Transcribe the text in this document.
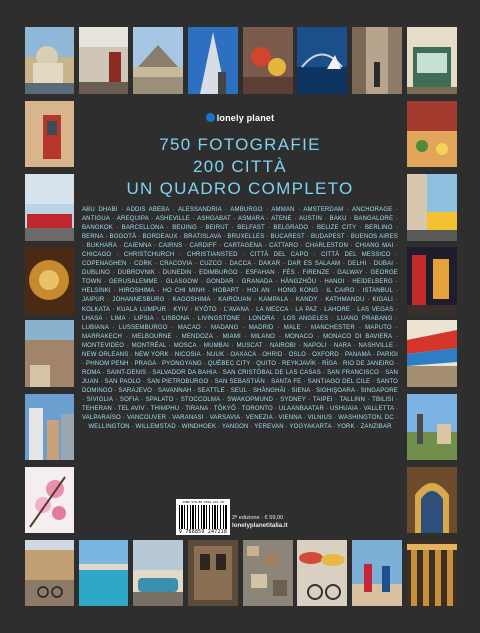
lonely planet
750 FOTOGRAFIE
200 CITTÀ
UN QUADRO COMPLETO
ABU DHABI · ADDIS ABEBA · ALESSANDRIA · AMBURGO · AMMAN · AMSTERDAM · ANCHORAGE · ANTIGUA · AREQUIPA · ASHEVILLE · ASHGABAT · ASMARA · ATENE · AUSTIN · BAKU · BANGALORE · BANGKOK · BARCELLONA · BEIJING · BEIRUT · BELFAST · BELGRADO · BELIZE CITY · BERLINO · BERNA · BOGOTÀ · BORDEAUX · BRATISLAVA · BRUXELLES · BUCAREST · BUDAPEST · BUENOS AIRES · BUKHARA · CAIENNA · CAIRNS · CARDIFF · CARTAGENA · CATTARO · CHARLESTON · CHIANG MAI · CHICAGO · CHRISTCHURCH · CHRISTIANSTED · CITTÀ DEL CAPO · CITTÀ DEL MESSICO · COPENAGHEN · CORK · CRACOVIA · CUZCO · DACCA · DAKAR · DAR ES SALAAM · DELHI · DUBAI · DUBLINO · DUBROVNIK · DUNEDIN · EDIMBURGO · ESFAHAN · FÈS · FIRENZE · GALWAY · GEORGE TOWN · GERUSALEMME · GLASGOW · GONDAR · GRANADA · HÀNGZHŌU · HANOI · HEIDELBERG · HELSINKI · HIROSHIMA · HO CHI MINH · HOBART · HOI AN · HONG KONG · IL CAIRO · ISTANBUL · JAIPUR · JOHANNESBURG · KAGOSHIMA · KAIROUAN · KAMPALA · KANDY · KATHMANDU · KIGALI · KOLKATA · KUALA LUMPUR · KYIV · KYŌTO · L'AVANA · LA MECCA · LA PAZ · LAHORE · LAS VEGAS · LHASA · LIMA · LIPSIA · LISBONA · LIVINGSTONE · LONDRA · LOS ANGELES · LUANG PRABANG · LUBIANA · LUSSEMBURGO · MACAO · MADANG · MADRID · MALE · MANCHESTER · MAPUTO · MARRAKECH · MELBOURNE · MENDOZA · MIAMI · MILANO · MONACO · MONACO DI BAVIERA · MONTEVIDEO · MONTRÉAL · MOSCA · MUMBAI · MUSCAT · NAIROBI · NAPOLI · NARA · NASHVILLE · NEW ORLEANS · NEW YORK · NICOSIA · NUUK · OAXACA · OHRID · OSLO · OXFORD · PANAMÁ · PARIGI · PHNOM PENH · PRAGA · PYONGYANG · QUÉBEC CITY · QUITO · REYKJAVÍK · RĪGA · RIO DE JANEIRO · ROMA · SAINT-DENIS · SALVADOR DA BAHIA · SAN CRISTÓBAL DE LAS CASAS · SAN FRANCISCO · SAN JUAN · SAN PAOLO · SAN PIETROBURGO · SAN SEBASTIÁN · SANTA FE · SANTIAGO DEL CILE · SANTO DOMINGO · SARAJEVO · SAVANNAH · SEATTLE · SEUL · SHÀNGHĂI · SIENA · SIGHIŞOARA · SINGAPORE · SIVIGLIA · SOFIA · SPALATO · STOCCOLMA · SWAKOPMUND · SYDNEY · TAIPEI · TALLINN · TBILISI · TEHERAN · TEL AVIV · THIMPHU · TIRANA · TŌKYŌ · TORONTO · ULAANBAATAR · USHUAIA · VALLETTA · VALPARAÍSO · VANCOUVER · VARANASI · VARSAVIA · VENEZIA · VIENNA · VILNIUS · WASHINGTON, DC · WELLINGTON · WILLEMSTAD · WINDHOEK · YANGON · YEREVAN · YOGYAKARTA · YORK · ZANZIBAR
ISBN 978-88-5592-472-10
9 788859 247218
2ª edizione · € 59,00
lonelyplanetitalia.it
